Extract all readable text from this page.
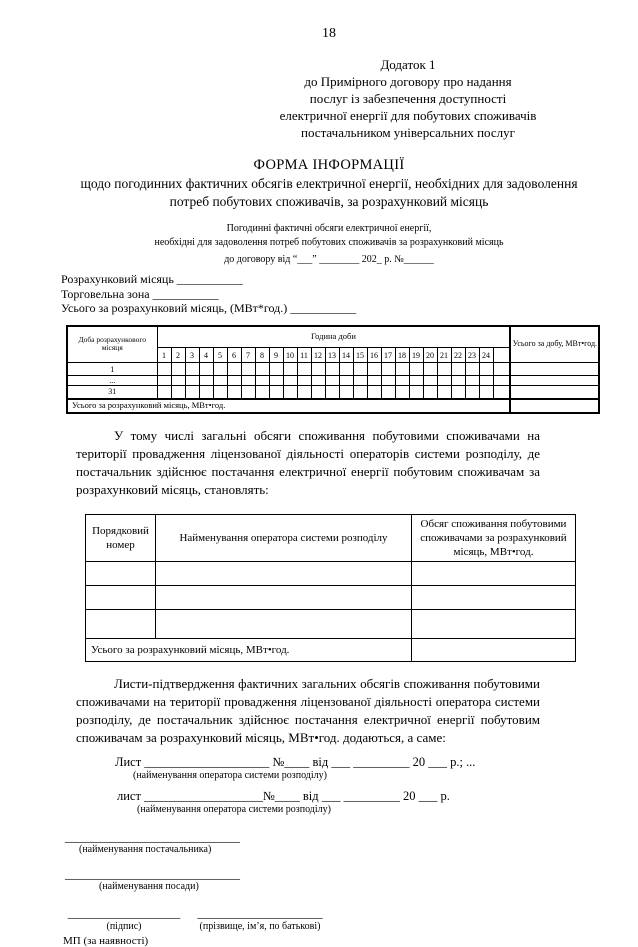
18
Додаток 1
до Примірного договору про надання
послуг із забезпечення доступності
електричної енергії для побутових споживачів
постачальником універсальних послуг
ФОРМА ІНФОРМАЦІЇ
щодо погодинних фактичних обсягів електричної енергії, необхідних для задоволення потреб побутових споживачів, за розрахунковий місяць
Погодинні фактичні обсяги електричної енергії,
необхідні для задоволення потреб побутових споживачів за розрахунковий місяць
до договору від “___” ________ 202_ р. №______
Розрахунковий місяць ___________
Торговельна зона ___________
Усього за розрахунковий місяць, (МВт*год.) ___________
Доба розрахункового місяця	Година доби																									Усього за добу, МВт•год.
	1	2	3	4	5	6	7	8	9	10	11	12	13	14	15	16	17	18	19	20	21	22	23	24		
1																										
...																										
31																										
Усього за розрахунковий місяць, МВт•год.																										

У тому числі загальні обсяги споживання побутовими споживачами на території провадження ліцензованої діяльності операторів системи розподілу, де постачальник здійснює постачання електричної енергії побутовим споживачам за розрахунковий місяць, становлять:

Порядковий номер	Найменування оператора системи розподілу	Обсяг споживання побутовими споживачами за розрахунковий місяць, МВт•год.

Усього за розрахунковий місяць, МВт•год.		

Листи-підтвердження фактичних загальних обсягів споживання побутовими споживачами на території провадження ліцензованої діяльності оператора системи розподілу, де постачальник здійснює постачання електричної енергії побутовим споживачам за розрахунковий місяць, МВт•год. додаються, а саме:

Лист ____________________ №____ від ___ _________ 20 ___ р.; ...
(найменування оператора системи розподілу)
лист ___________________№____ від ___ _________ 20 ___ р.
(найменування оператора системи розподілу)
____________________________
(найменування постачальника)
____________________________
(найменування посади)
__________________
(підпис)
____________________
(прізвище, ім’я, по батькові)
МП (за наявності)
